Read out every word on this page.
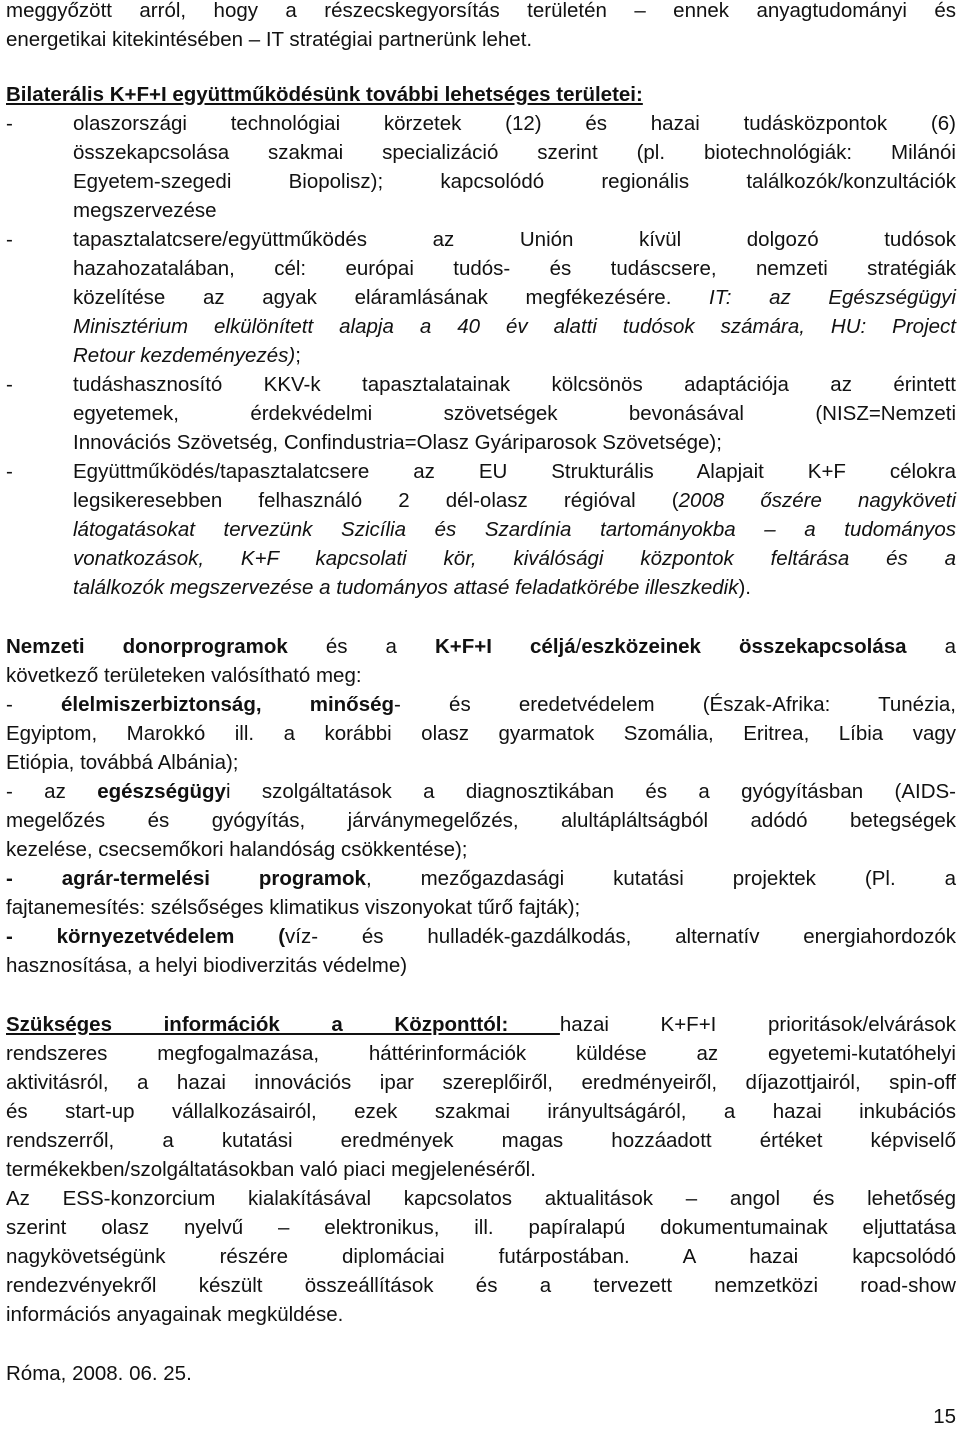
meggyőzött arról, hogy a részecskegyorsítás területén – ennek anyagtudományi és
energetikai kitekintésében – IT stratégiai partnerünk lehet.
Bilaterális K+F+I együttműködésünk további lehetséges területei:
-	olaszországi technológiai körzetek (12) és hazai tudásközpontok (6)
összekapcsolása szakmai specializáció szerint (pl. biotechnológiák: Milánói
Egyetem-szegedi Biopolisz); kapcsolódó regionális találkozók/konzultációk
megszervezése
-	tapasztalatcsere/együttműködés az Unión kívül dolgozó tudósok
hazahozatalában, cél: európai tudós- és tudáscsere, nemzeti stratégiák
közelítése az agyak eláramlásának megfékezésére. IT: az Egészségügyi
Minisztérium elkülönített alapja a 40 év alatti tudósok számára, HU: Project
Retour kezdeményezés);
-	tudáshasznosító KKV-k tapasztalatainak kölcsönös adaptációja az érintett
egyetemek, érdekvédelmi szövetségek bevonásával (NISZ=Nemzeti
Innovációs Szövetség, Confindustria=Olasz Gyáriparosok Szövetsége);
-	Együttműködés/tapasztalatcsere az EU Strukturális Alapjait K+F célokra
legsikeresebben felhasználó 2 dél-olasz régióval (2008 őszére nagyköveti
látogatásokat tervezünk Szicília és Szardínia tartományokba – a tudományos
vonatkozások, K+F kapcsolati kör, kiválósági központok feltárása és a
találkozók megszervezése a tudományos attasé feladatkörébe illeszkedik).
Nemzeti donorprogramok és a K+F+I céljá/eszközeinek összekapcsolása a
következő területeken valósítható meg:
- élelmiszerbiztonság, minőség- és eredetvédelem (Észak-Afrika: Tunézia,
Egyiptom, Marokkó ill. a korábbi olasz gyarmatok Szomália, Eritrea, Líbia vagy
Etiópia, továbbá Albánia);
- az egészségügyi szolgáltatások a diagnosztikában és a gyógyításban (AIDS-
megelőzés és gyógyítás, járványmegelőzés, alultápláltságból adódó betegségek
kezelése, csecsemőkori halandóság csökkentése);
- agrár-termelési programok, mezőgazdasági kutatási projektek (Pl. a
fajtanemesítés: szélsőséges klimatikus viszonyokat tűrő fajták);
- környezetvédelem (víz- és hulladék-gazdálkodás, alternatív energiahordozók
hasznosítása, a helyi biodiverzitás védelme)
Szükséges információk a Központtól: hazai K+F+I prioritások/elvárások
rendszeres megfogalmazása, háttérinformációk küldése az egyetemi-kutatóhelyi
aktivitásról, a hazai innovációs ipar szereplőiről, eredményeiről, díjazottjairól, spin-off
és start-up vállalkozásairól, ezek szakmai irányultságáról, a hazai inkubációs
rendszerről, a kutatási eredmények magas hozzáadott értéket képviselő
termékekben/szolgáltatásokban való piaci megjelenéséről.
Az ESS-konzorcium kialakításával kapcsolatos aktualitások – angol és lehetőség
szerint olasz nyelvű – elektronikus, ill. papíralapú dokumentumainak eljuttatása
nagykövetségünk részére diplomáciai futárpostában. A hazai kapcsolódó
rendezvényekről készült összeállítások és a tervezett nemzetközi road-show
információs anyagainak megküldése.
Róma, 2008. 06. 25.
15
